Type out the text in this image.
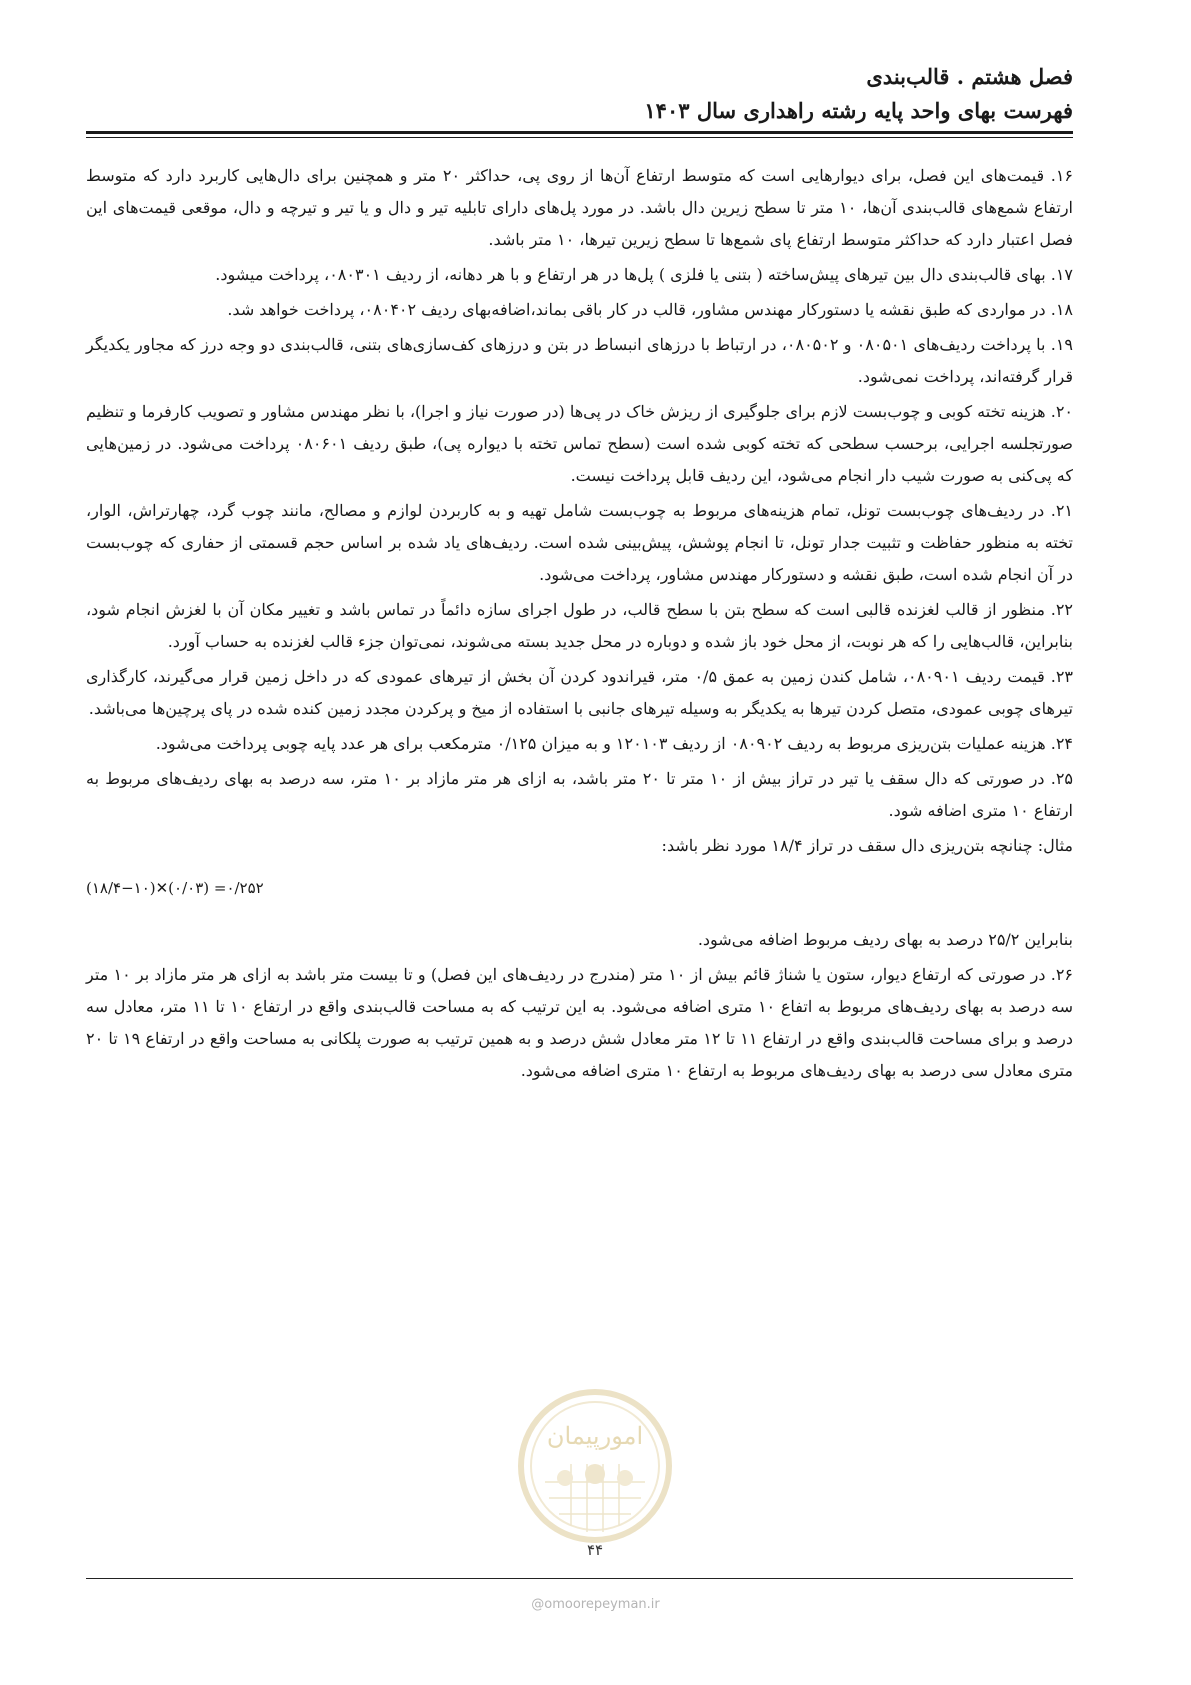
فصل هشتم . قالب‌بندی
فهرست بهای واحد پایه رشته راهداری سال ۱۴۰۳

۱۶. قیمت‌های این فصل، برای دیوارهایی است که متوسط ارتفاع آن‌ها از روی پی، حداکثر ۲۰ متر و همچنین برای دال‌هایی کاربرد دارد که متوسط ارتفاع شمع‌های قالب‌بندی آن‌ها، ۱۰ متر تا سطح زیرین دال باشد. در مورد پل‌های دارای تابلیه تیر و دال و یا تیر و تیرچه و دال، موقعی قیمت‌های این فصل اعتبار دارد که حداکثر متوسط ارتفاع پای شمع‌ها تا سطح زیرین تیرها، ۱۰ متر باشد.

۱۷. بهای قالب‌بندی دال بین تیرهای پیش‌ساخته ( بتنی یا فلزی ) پل‌ها در هر ارتفاع و با هر دهانه، از ردیف ۰۸۰۳۰۱، پرداخت میشود.

۱۸. در مواردی که طبق نقشه یا دستورکار مهندس مشاور، قالب در کار باقی بماند،اضافه‌بهای ردیف ۰۸۰۴۰۲، پرداخت خواهد شد.

۱۹. با پرداخت ردیف‌های ۰۸۰۵۰۱ و ۰۸۰۵۰۲، در ارتباط با درزهای انبساط در بتن و درزهای کف‌سازی‌های بتنی، قالب‌بندی دو وجه درز که مجاور یکدیگر قرار گرفته‌اند، پرداخت نمی‌شود.

۲۰. هزینه تخته کوبی و چوب‌بست لازم برای جلوگیری از ریزش خاک در پی‌ها (در صورت نیاز و اجرا)، با نظر مهندس مشاور و تصویب کارفرما و تنظیم صورتجلسه اجرایی، برحسب سطحی که تخته کوبی شده است (سطح تماس تخته با دیواره پی)، طبق ردیف ۰۸۰۶۰۱ پرداخت می‌شود. در زمین‌هایی که پی‌کنی به صورت شیب دار انجام می‌شود، این ردیف قابل پرداخت نیست.

۲۱. در ردیف‌های چوب‌بست تونل، تمام هزینه‌های مربوط به چوب‌بست شامل تهیه و به کاربردن لوازم و مصالح، مانند چوب گرد، چهارتراش، الوار، تخته به منظور حفاظت و تثبیت جدار تونل، تا انجام پوشش، پیش‌بینی شده است. ردیف‌های یاد شده بر اساس حجم قسمتی از حفاری که چوب‌بست در آن انجام شده است، طبق نقشه و دستورکار مهندس مشاور، پرداخت می‌شود.

۲۲. منظور از قالب لغزنده قالبی است که سطح بتن با سطح قالب، در طول اجرای سازه دائماً در تماس باشد و تغییر مکان آن با لغزش انجام شود، بنابراین، قالب‌هایی را که هر نوبت، از محل خود باز شده و دوباره در محل جدید بسته می‌شوند، نمی‌توان جزء قالب لغزنده به حساب آورد.

۲۳. قیمت ردیف ۰۸۰۹۰۱، شامل کندن زمین به عمق ۰/۵ متر، قیراندود کردن آن بخش از تیرهای عمودی که در داخل زمین قرار می‌گیرند، کارگذاری تیرهای چوبی عمودی، متصل کردن تیرها به یکدیگر به وسیله تیرهای جانبی با استفاده از میخ و پرکردن مجدد زمین کنده شده در پای پرچین‌ها می‌باشد.

۲۴. هزینه عملیات بتن‌ریزی مربوط به ردیف ۰۸۰۹۰۲ از ردیف ۱۲۰۱۰۳ و به میزان ۰/۱۲۵ مترمکعب برای هر عدد پایه چوبی پرداخت می‌شود.

۲۵. در صورتی که دال سقف یا تیر در تراز بیش از ۱۰ متر تا ۲۰ متر باشد، به ازای هر متر مازاد بر ۱۰ متر، سه درصد به بهای ردیف‌های مربوط به ارتفاع ۱۰ متری اضافه شود.

مثال: چنانچه بتن‌ریزی دال سقف در تراز ۱۸/۴ مورد نظر باشد:

(۱۸/۴−۱۰)✕(۰/۰۳) =۰/۲۵۲

بنابراین ۲۵/۲ درصد به بهای ردیف مربوط اضافه می‌شود.

۲۶. در صورتی که ارتفاع دیوار، ستون یا شناژ قائم بیش از ۱۰ متر (مندرج در ردیف‌های این فصل) و تا بیست متر باشد به ازای هر متر مازاد بر ۱۰ متر سه درصد به بهای ردیف‌های مربوط به اتفاع ۱۰ متری اضافه می‌شود. به این ترتیب که به مساحت قالب‌بندی واقع در ارتفاع ۱۰ تا ۱۱ متر، معادل سه درصد و برای مساحت قالب‌بندی واقع در ارتفاع ۱۱ تا ۱۲ متر معادل شش درصد و به همین ترتیب به صورت پلکانی به مساحت واقع در ارتفاع ۱۹ تا ۲۰ متری معادل سی درصد به بهای ردیف‌های مربوط به ارتفاع ۱۰ متری اضافه می‌شود.

امورپیمان
۴۴
@omoorepeyman.ir
